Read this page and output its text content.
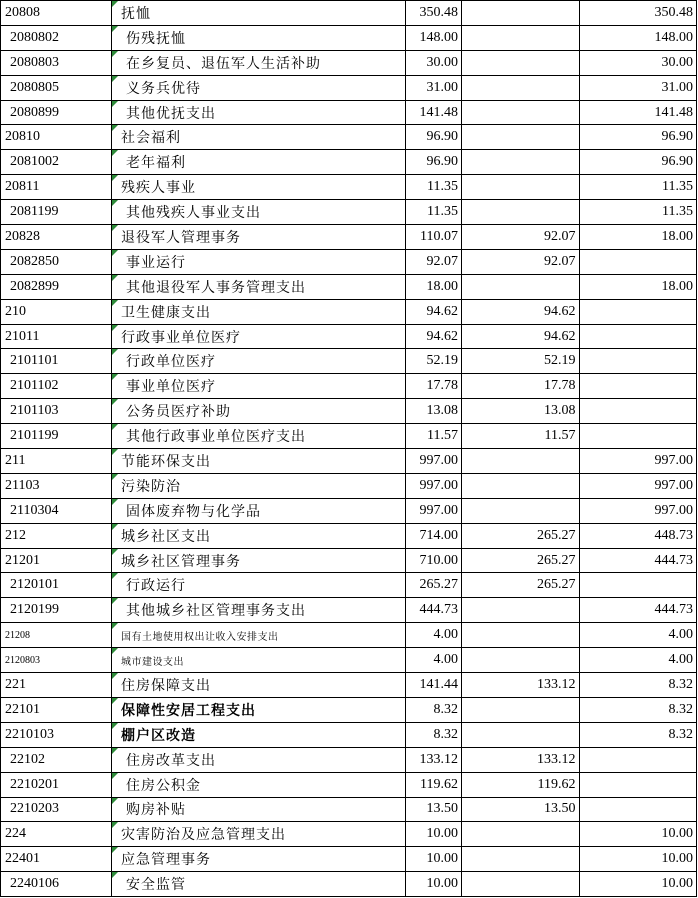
20808	抚恤	350.48		350.48
2080802	伤残抚恤	148.00		148.00
2080803	在乡复员、退伍军人生活补助	30.00		30.00
2080805	义务兵优待	31.00		31.00
2080899	其他优抚支出	141.48		141.48
20810	社会福利	96.90		96.90
2081002	老年福利	96.90		96.90
20811	残疾人事业	11.35		11.35
2081199	其他残疾人事业支出	11.35		11.35
20828	退役军人管理事务	110.07	92.07	18.00
2082850	事业运行	92.07	92.07	
2082899	其他退役军人事务管理支出	18.00		18.00
210	卫生健康支出	94.62	94.62	
21011	行政事业单位医疗	94.62	94.62	
2101101	行政单位医疗	52.19	52.19	
2101102	事业单位医疗	17.78	17.78	
2101103	公务员医疗补助	13.08	13.08	
2101199	其他行政事业单位医疗支出	11.57	11.57	
211	节能环保支出	997.00		997.00
21103	污染防治	997.00		997.00
2110304	固体废弃物与化学品	997.00		997.00
212	城乡社区支出	714.00	265.27	448.73
21201	城乡社区管理事务	710.00	265.27	444.73
2120101	行政运行	265.27	265.27	
2120199	其他城乡社区管理事务支出	444.73		444.73
21208	国有土地使用权出让收入安排支出	4.00		4.00
2120803	城市建设支出	4.00		4.00
221	住房保障支出	141.44	133.12	8.32
22101	保障性安居工程支出	8.32		8.32
2210103	棚户区改造	8.32		8.32
22102	住房改革支出	133.12	133.12	
2210201	住房公积金	119.62	119.62	
2210203	购房补贴	13.50	13.50	
224	灾害防治及应急管理支出	10.00		10.00
22401	应急管理事务	10.00		10.00
2240106	安全监管	10.00		10.00
